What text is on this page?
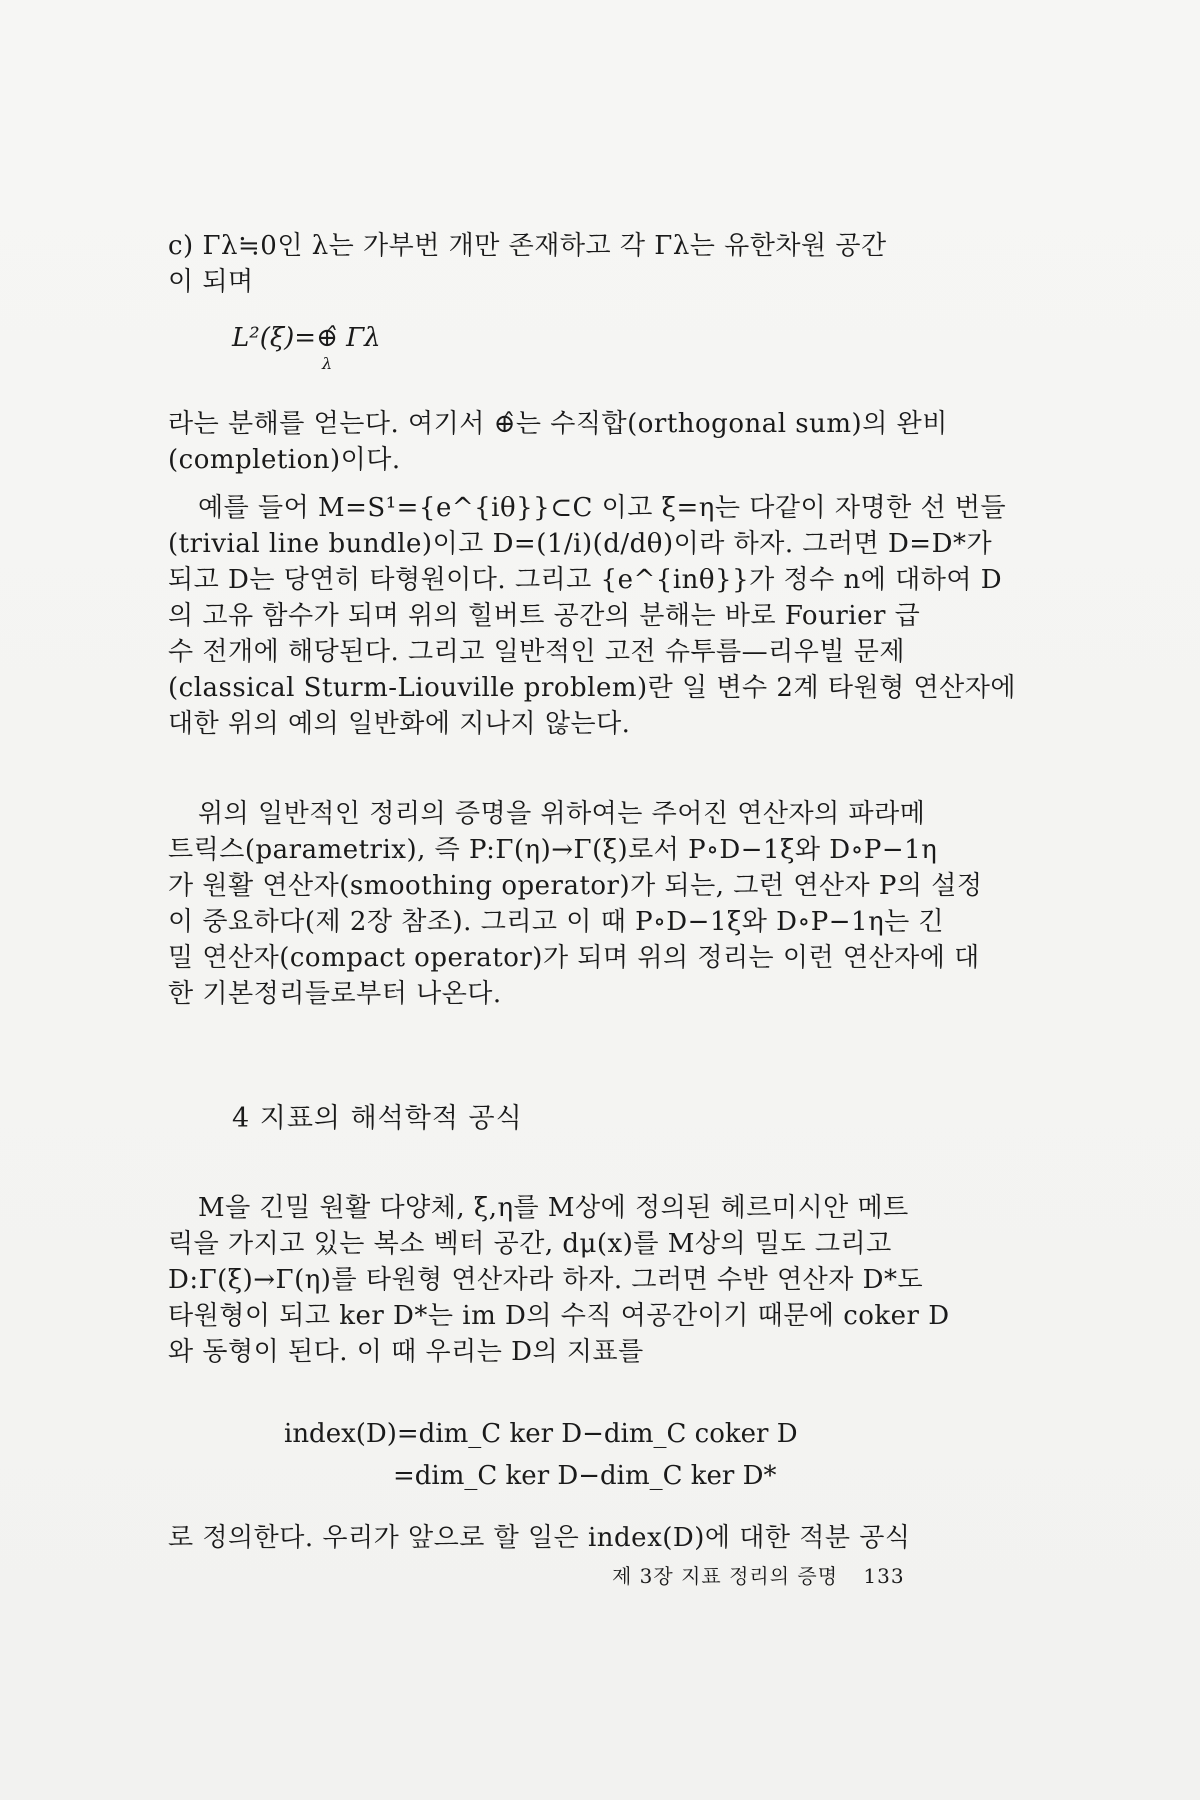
c) Γλ≒0인 λ는 가부번 개만 존재하고 각 Γλ는 유한차원 공간
이 되며
L²(ξ)=⊕̂ Γλ
λ
라는 분해를 얻는다. 여기서 ⊕̂는 수직합(orthogonal sum)의 완비
(completion)이다.
예를 들어 M=S¹={e^{iθ}}⊂C 이고 ξ=η는 다같이 자명한 선 번들
(trivial line bundle)이고 D=(1/i)(d/dθ)이라 하자. 그러면 D=D*가
되고 D는 당연히 타형원이다. 그리고 {e^{inθ}}가 정수 n에 대하여 D
의 고유 함수가 되며 위의 힐버트 공간의 분해는 바로 Fourier 급
수 전개에 해당된다. 그리고 일반적인 고전 슈투름—리우빌 문제
(classical Sturm-Liouville problem)란 일 변수 2계 타원형 연산자에
대한 위의 예의 일반화에 지나지 않는다.
위의 일반적인 정리의 증명을 위하여는 주어진 연산자의 파라메
트릭스(parametrix), 즉 P:Γ(η)→Γ(ξ)로서 P∘D−1ξ와 D∘P−1η
가 원활 연산자(smoothing operator)가 되는, 그런 연산자 P의 설정
이 중요하다(제 2장 참조). 그리고 이 때 P∘D−1ξ와 D∘P−1η는 긴
밀 연산자(compact operator)가 되며 위의 정리는 이런 연산자에 대
한 기본정리들로부터 나온다.
4 지표의 해석학적 공식
M을 긴밀 원활 다양체, ξ,η를 M상에 정의된 헤르미시안 메트
릭을 가지고 있는 복소 벡터 공간, dμ(x)를 M상의 밀도 그리고
D:Γ(ξ)→Γ(η)를 타원형 연산자라 하자. 그러면 수반 연산자 D*도
타원형이 되고 ker D*는 im D의 수직 여공간이기 때문에 coker D
와 동형이 된다. 이 때 우리는 D의 지표를
index(D)=dim_C ker D−dim_C coker D
=dim_C ker D−dim_C ker D*
로 정의한다. 우리가 앞으로 할 일은 index(D)에 대한 적분 공식
제 3장 지표 정리의 증명 133
